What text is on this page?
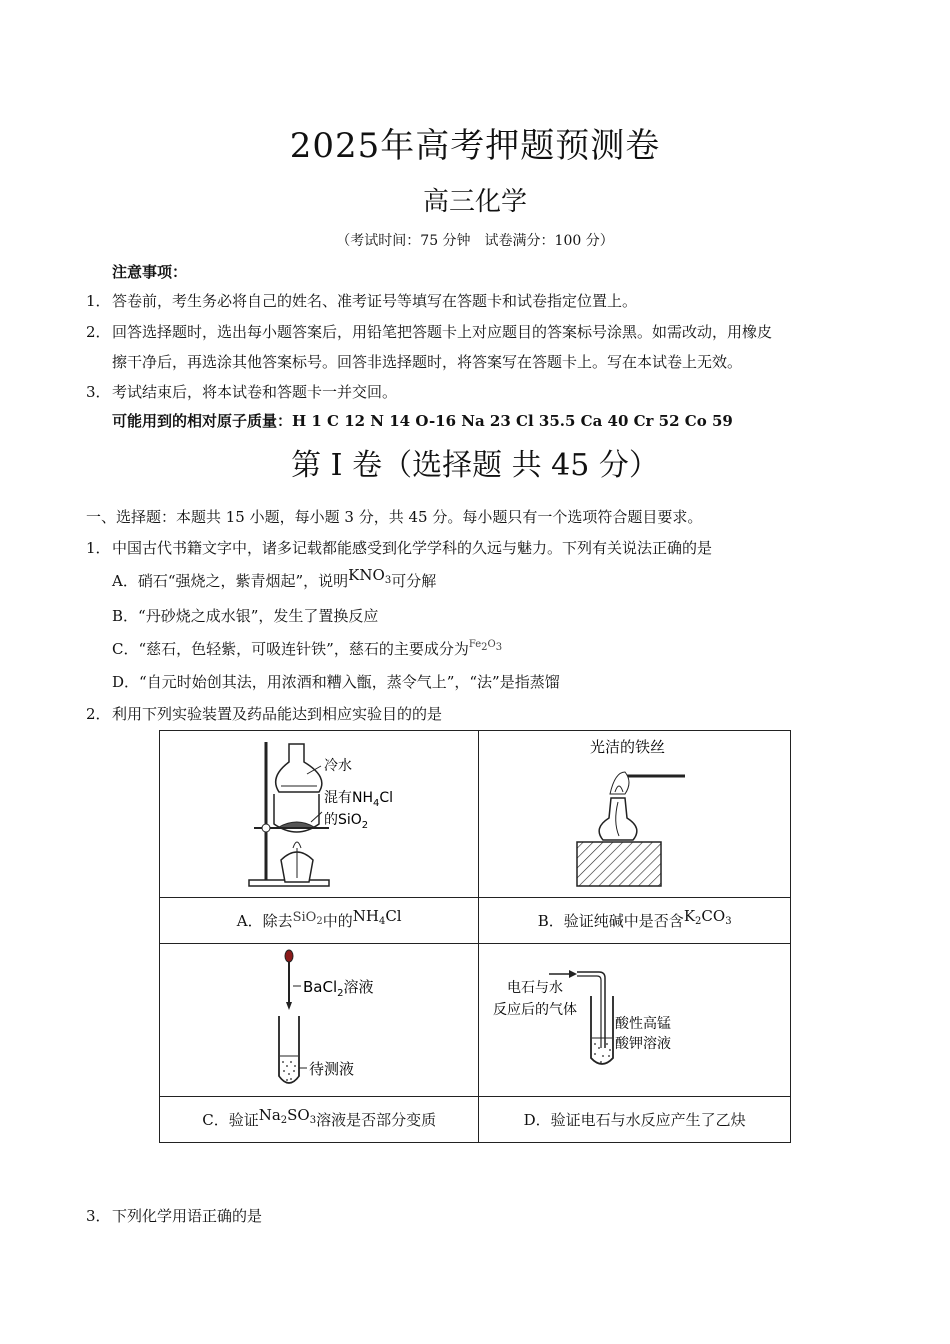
2025年高考押题预测卷
高三化学
（考试时间：75 分钟　试卷满分：100 分）
注意事项：
1．答卷前，考生务必将自己的姓名、准考证号等填写在答题卡和试卷指定位置上。
2．回答选择题时，选出每小题答案后，用铅笔把答题卡上对应题目的答案标号涂黑。如需改动，用橡皮
擦干净后，再选涂其他答案标号。回答非选择题时，将答案写在答题卡上。写在本试卷上无效。
3．考试结束后，将本试卷和答题卡一并交回。
可能用到的相对原子质量：H 1 C 12 N 14 O-16 Na 23 Cl 35.5 Ca 40 Cr 52 Co 59
第 I 卷（选择题 共 45 分）
一、选择题：本题共 15 小题，每小题 3 分，共 45 分。每小题只有一个选项符合题目要求。
1．中国古代书籍文字中，诸多记载都能感受到化学学科的久远与魅力。下列有关说法正确的是
A．硝石“强烧之，紫青烟起”，说明$KNO_3$可分解
B．“丹砂烧之成水银”，发生了置换反应
C．“慈石，色轻紫，可吸连针铁”，慈石的主要成分为$^{Fe_2O_3}$
D．“自元时始创其法，用浓酒和糟入甑，蒸令气上”，“法”是指蒸馏
2．利用下列实验装置及药品能达到相应实验目的的是
冷水
混有$NH_4Cl$
的SiO$_2$	光洁的铁丝

A．除去SiO$_2$中的$NH_4Cl$	B．验证纯碱中是否含$K_2CO_3$

BaCl$_2$溶液
待测液	电石与水
反应后的气体
酸性高锰
酸钾溶液

C．验证$Na_2SO_3$溶液是否部分变质	D．验证电石与水反应产生了乙炔
3．下列化学用语正确的是
